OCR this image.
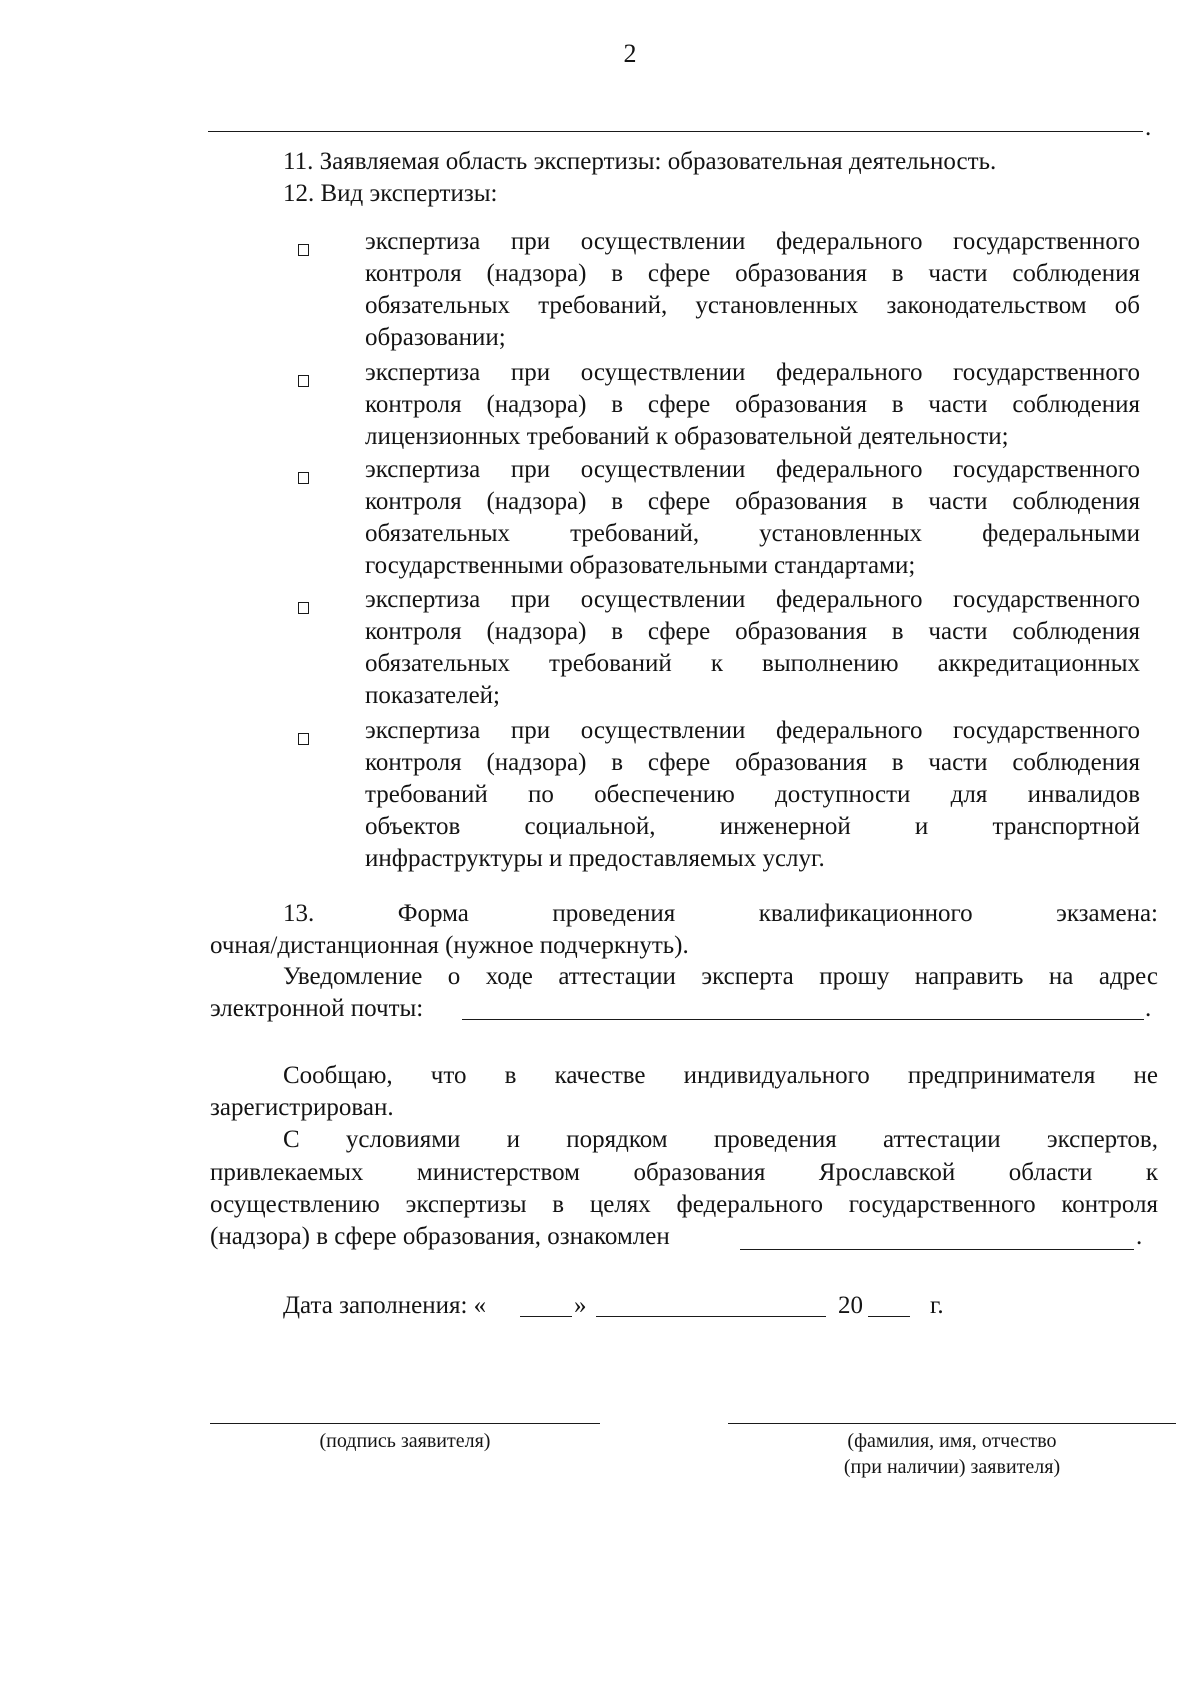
2
.
11. Заявляемая область экспертизы: образовательная деятельность.
12. Вид экспертизы:
экспертиза при осуществлении федерального государственного
контроля (надзора) в сфере образования в части соблюдения
обязательных требований, установленных законодательством об
образовании;
экспертиза при осуществлении федерального государственного
контроля (надзора) в сфере образования в части соблюдения
лицензионных требований к образовательной деятельности;
экспертиза при осуществлении федерального государственного
контроля (надзора) в сфере образования в части соблюдения
обязательных требований, установленных федеральными
государственными образовательными стандартами;
экспертиза при осуществлении федерального государственного
контроля (надзора) в сфере образования в части соблюдения
обязательных требований к выполнению аккредитационных
показателей;
экспертиза при осуществлении федерального государственного
контроля (надзора) в сфере образования в части соблюдения
требований по обеспечению доступности для инвалидов
объектов социальной, инженерной и транспортной
инфраструктуры и предоставляемых услуг.
13. Форма проведения квалификационного экзамена:
очная/дистанционная (нужное подчеркнуть).
Уведомление о ходе аттестации эксперта прошу направить на адрес
электронной почты:	.
Сообщаю, что в качестве индивидуального предпринимателя не
зарегистрирован.
С условиями и порядком проведения аттестации экспертов,
привлекаемых министерством образования Ярославской области к
осуществлению экспертизы в целях федерального государственного контроля
(надзора) в сфере образования, ознакомлен	.
Дата заполнения: «	»	20	г.
(подпись заявителя)	(фамилия, имя, отчество
(при наличии) заявителя)
